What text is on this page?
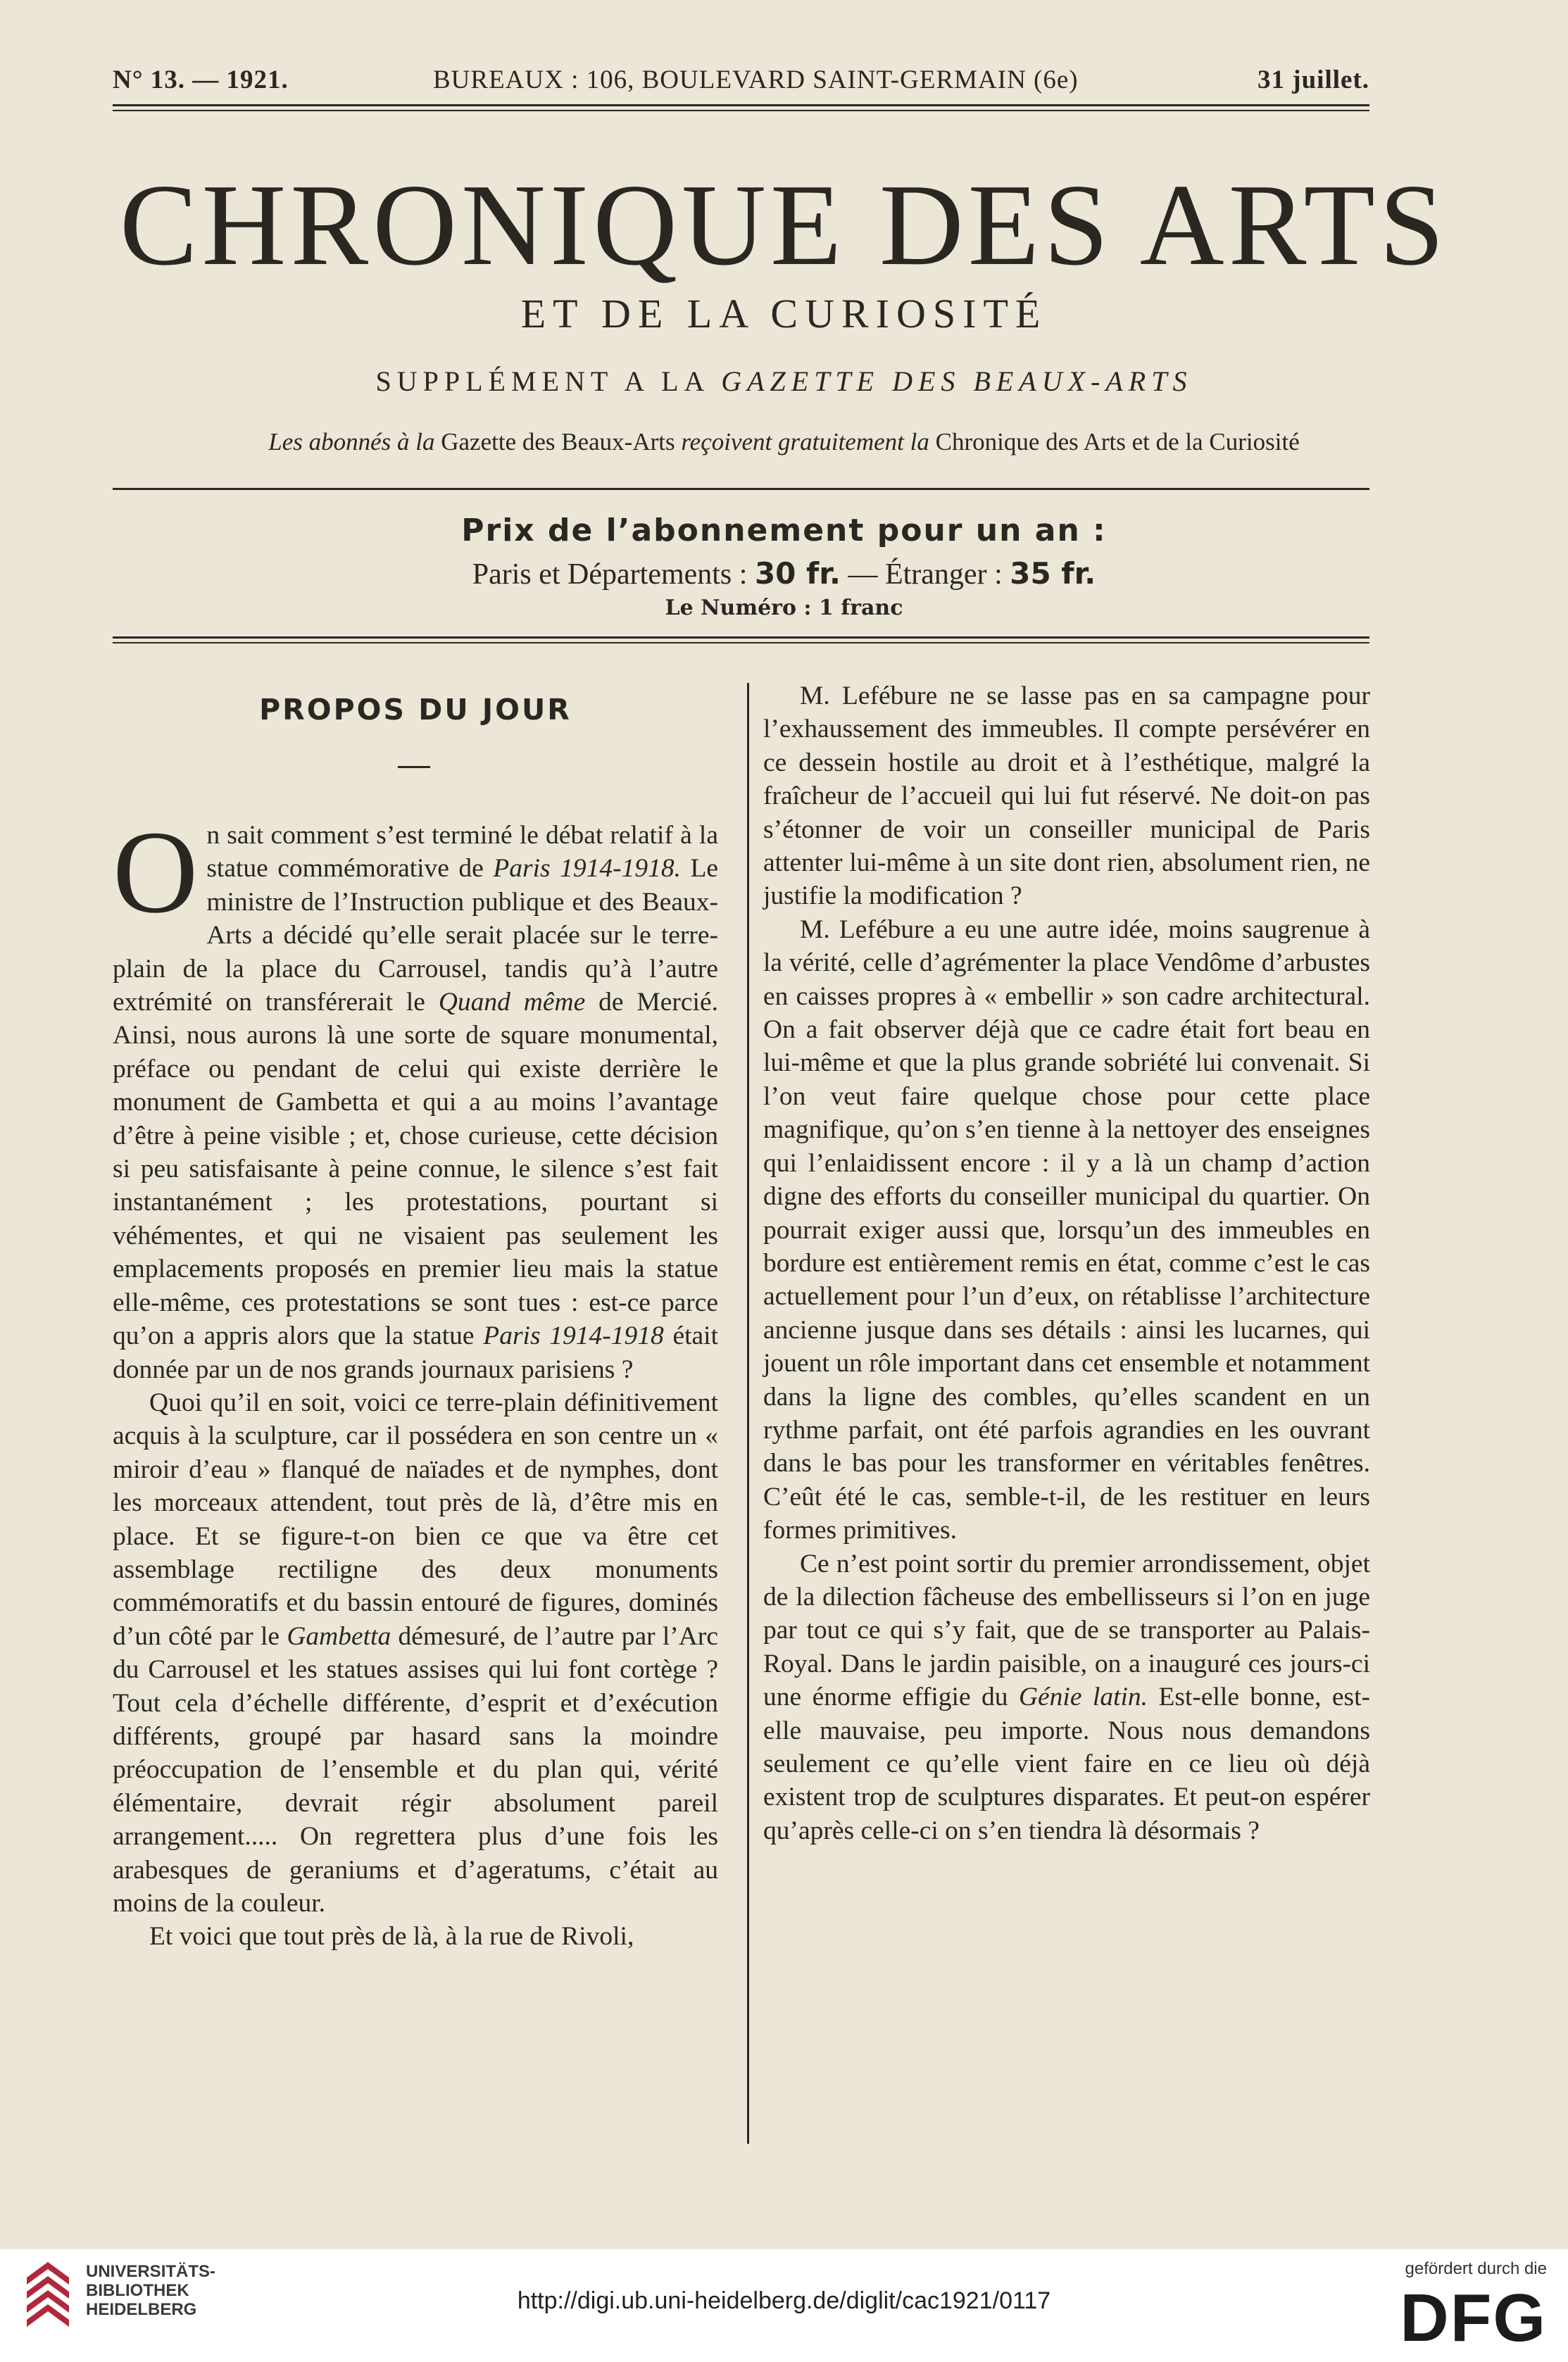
N° 13. — 1921.	BUREAUX : 106, BOULEVARD SAINT-GERMAIN (6e)	31 juillet.
CHRONIQUE DES ARTS
ET DE LA CURIOSITÉ
SUPPLÉMENT A LA GAZETTE DES BEAUX-ARTS
Les abonnés à la Gazette des Beaux-Arts reçoivent gratuitement la Chronique des Arts et de la Curiosité
Prix de l’abonnement pour un an :
Paris et Départements : 30 fr. — Étranger : 35 fr.
Le Numéro : 1 franc
PROPOS DU JOUR

On sait comment s’est terminé le débat relatif à la statue commémorative de Paris 1914-1918. Le ministre de l’Instruction publique et des Beaux-Arts a décidé qu’elle serait placée sur le terre-plain de la place du Carrousel, tandis qu’à l’autre extrémité on transférerait le Quand même de Mercié. Ainsi, nous aurons là une sorte de square monumental, préface ou pendant de celui qui existe derrière le monument de Gambetta et qui a au moins l’avantage d’être à peine visible ; et, chose curieuse, cette décision si peu satisfaisante à peine connue, le silence s’est fait instantanément ; les protestations, pourtant si véhémentes, et qui ne visaient pas seulement les emplacements proposés en premier lieu mais la statue elle-même, ces protestations se sont tues : est-ce parce qu’on a appris alors que la statue Paris 1914-1918 était donnée par un de nos grands journaux parisiens ?

Quoi qu’il en soit, voici ce terre-plain définitivement acquis à la sculpture, car il possédera en son centre un « miroir d’eau » flanqué de naïades et de nymphes, dont les morceaux attendent, tout près de là, d’être mis en place. Et se figure-t-on bien ce que va être cet assemblage rectiligne des deux monuments commémoratifs et du bassin entouré de figures, dominés d’un côté par le Gambetta démesuré, de l’autre par l’Arc du Carrousel et les statues assises qui lui font cortège ? Tout cela d’échelle différente, d’esprit et d’exécution différents, groupé par hasard sans la moindre préoccupation de l’ensemble et du plan qui, vérité élémentaire, devrait régir absolument pareil arrangement..... On regrettera plus d’une fois les arabesques de geraniums et d’ageratums, c’était au moins de la couleur.

Et voici que tout près de là, à la rue de Rivoli,

M. Lefébure ne se lasse pas en sa campagne pour l’exhaussement des immeubles. Il compte persévérer en ce dessein hostile au droit et à l’esthétique, malgré la fraîcheur de l’accueil qui lui fut réservé. Ne doit-on pas s’étonner de voir un conseiller municipal de Paris attenter lui-même à un site dont rien, absolument rien, ne justifie la modification ?

M. Lefébure a eu une autre idée, moins saugrenue à la vérité, celle d’agrémenter la place Vendôme d’arbustes en caisses propres à « embellir » son cadre architectural. On a fait observer déjà que ce cadre était fort beau en lui-même et que la plus grande sobriété lui convenait. Si l’on veut faire quelque chose pour cette place magnifique, qu’on s’en tienne à la nettoyer des enseignes qui l’enlaidissent encore : il y a là un champ d’action digne des efforts du conseiller municipal du quartier. On pourrait exiger aussi que, lorsqu’un des immeubles en bordure est entièrement remis en état, comme c’est le cas actuellement pour l’un d’eux, on rétablisse l’architecture ancienne jusque dans ses détails : ainsi les lucarnes, qui jouent un rôle important dans cet ensemble et notamment dans la ligne des combles, qu’elles scandent en un rythme parfait, ont été parfois agrandies en les ouvrant dans le bas pour les transformer en véritables fenêtres. C’eût été le cas, semble-t-il, de les restituer en leurs formes primitives.

Ce n’est point sortir du premier arrondissement, objet de la dilection fâcheuse des embellisseurs si l’on en juge par tout ce qui s’y fait, que de se transporter au Palais-Royal. Dans le jardin paisible, on a inauguré ces jours-ci une énorme effigie du Génie latin. Est-elle bonne, est-elle mauvaise, peu importe. Nous nous demandons seulement ce qu’elle vient faire en ce lieu où déjà existent trop de sculptures disparates. Et peut-on espérer qu’après celle-ci on s’en tiendra là désormais ?

UNIVERSITÄTS-
BIBLIOTHEK
HEIDELBERG	http://digi.ub.uni-heidelberg.de/diglit/cac1921/0117
gefördert durch die
DFG
